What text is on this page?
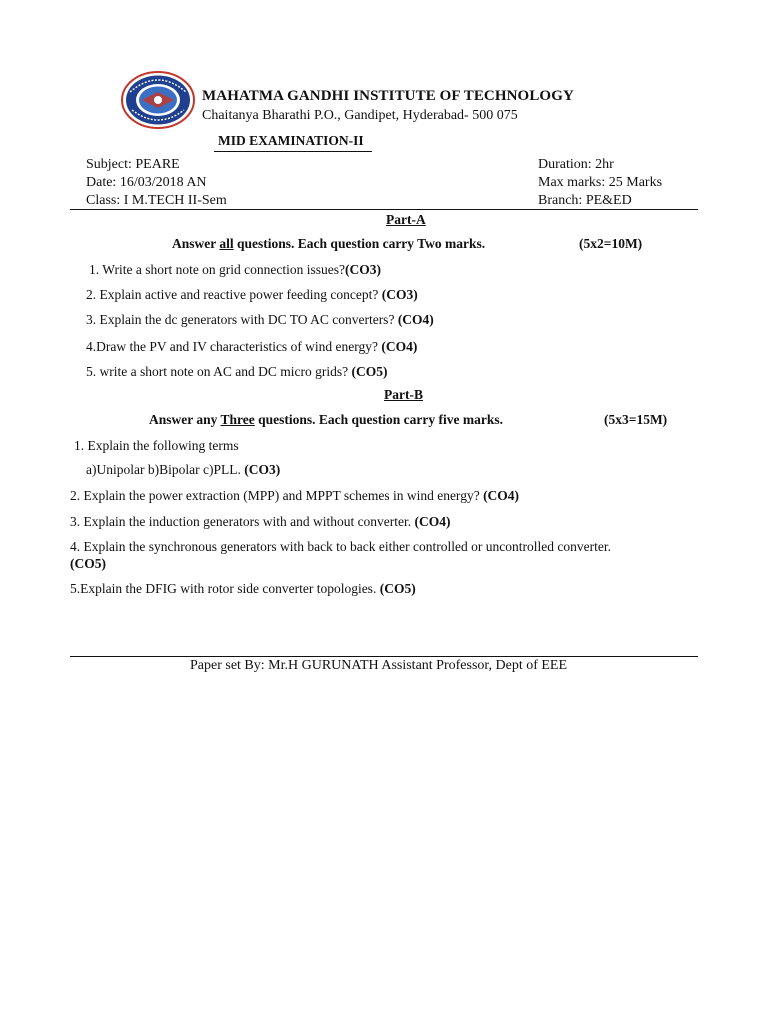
MAHATMA GANDHI INSTITUTE OF TECHNOLOGY
Chaitanya Bharathi P.O., Gandipet, Hyderabad- 500 075
MID EXAMINATION-II
Subject: PEARE
Date: 16/03/2018 AN
Class: I M.TECH II-Sem
Duration: 2hr
Max marks: 25 Marks
Branch: PE&ED
Part-A
Answer all questions. Each question carry Two marks.	(5x2=10M)
1. Write a short note on grid connection issues?(CO3)
2. Explain active and reactive power feeding concept? (CO3)
3. Explain the dc generators with DC TO AC converters? (CO4)
4.Draw the PV and IV characteristics of wind energy? (CO4)
5. write a short note on AC and DC micro grids? (CO5)
Part-B
Answer any Three questions. Each question carry five marks.	(5x3=15M)
1. Explain the following terms
a)Unipolar b)Bipolar c)PLL. (CO3)
2. Explain the power extraction (MPP) and MPPT schemes in wind energy? (CO4)
3. Explain the induction generators with and without converter. (CO4)
4. Explain the synchronous generators with back to back either controlled or uncontrolled converter. (CO5)
5.Explain the DFIG with rotor side converter topologies. (CO5)
Paper set By: Mr.H GURUNATH Assistant Professor, Dept of EEE
